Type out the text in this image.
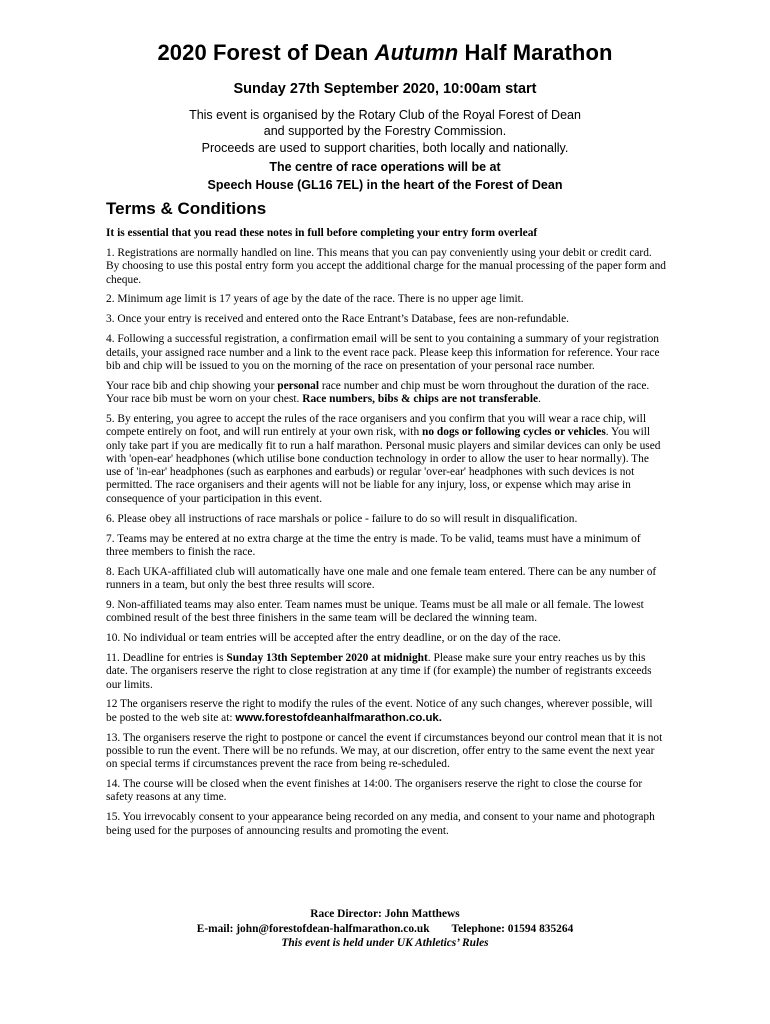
2020 Forest of Dean Autumn Half Marathon
Sunday 27th September 2020, 10:00am start
This event is organised by the Rotary Club of the Royal Forest of Dean
and supported by the Forestry Commission.
Proceeds are used to support charities, both locally and nationally.
The centre of race operations will be at
Speech House (GL16 7EL) in the heart of the Forest of Dean
Terms & Conditions
It is essential that you read these notes in full before completing your entry form overleaf

1. Registrations are normally handled on line. This means that you can pay conveniently using your debit or credit card. By choosing to use this postal entry form you accept the additional charge for the manual processing of the paper form and cheque.

2. Minimum age limit is 17 years of age by the date of the race. There is no upper age limit.

3. Once your entry is received and entered onto the Race Entrant’s Database, fees are non-refundable.

4. Following a successful registration, a confirmation email will be sent to you containing a summary of your registration details, your assigned race number and a link to the event race pack. Please keep this information for reference. Your race bib and chip will be issued to you on the morning of the race on presentation of your personal race number.

Your race bib and chip showing your personal race number and chip must be worn throughout the duration of the race. Your race bib must be worn on your chest. Race numbers, bibs & chips are not transferable.

5. By entering, you agree to accept the rules of the race organisers and you confirm that you will wear a race chip, will compete entirely on foot, and will run entirely at your own risk, with no dogs or following cycles or vehicles. You will only take part if you are medically fit to run a half marathon. Personal music players and similar devices can only be used with 'open-ear' headphones (which utilise bone conduction technology in order to allow the user to hear normally). The use of 'in-ear' headphones (such as earphones and earbuds) or regular 'over-ear' headphones with such devices is not permitted. The race organisers and their agents will not be liable for any injury, loss, or expense which may arise in consequence of your participation in this event.

6. Please obey all instructions of race marshals or police - failure to do so will result in disqualification.

7. Teams may be entered at no extra charge at the time the entry is made. To be valid, teams must have a minimum of three members to finish the race.

8. Each UKA-affiliated club will automatically have one male and one female team entered. There can be any number of runners in a team, but only the best three results will score.

9. Non-affiliated teams may also enter. Team names must be unique. Teams must be all male or all female. The lowest combined result of the best three finishers in the same team will be declared the winning team.

10. No individual or team entries will be accepted after the entry deadline, or on the day of the race.

11. Deadline for entries is Sunday 13th September 2020 at midnight. Please make sure your entry reaches us by this date. The organisers reserve the right to close registration at any time if (for example) the number of registrants exceeds our limits.

12 The organisers reserve the right to modify the rules of the event. Notice of any such changes, wherever possible, will be posted to the web site at: www.forestofdeanhalfmarathon.co.uk.

13. The organisers reserve the right to postpone or cancel the event if circumstances beyond our control mean that it is not possible to run the event. There will be no refunds. We may, at our discretion, offer entry to the same event the next year on special terms if circumstances prevent the race from being re-scheduled.

14. The course will be closed when the event finishes at 14:00. The organisers reserve the right to close the course for safety reasons at any time.

15. You irrevocably consent to your appearance being recorded on any media, and consent to your name and photograph being used for the purposes of announcing results and promoting the event.

Race Director: John Matthews
E-mail: john@forestofdean-halfmarathon.co.uk Telephone: 01594 835264
This event is held under UK Athletics’ Rules
